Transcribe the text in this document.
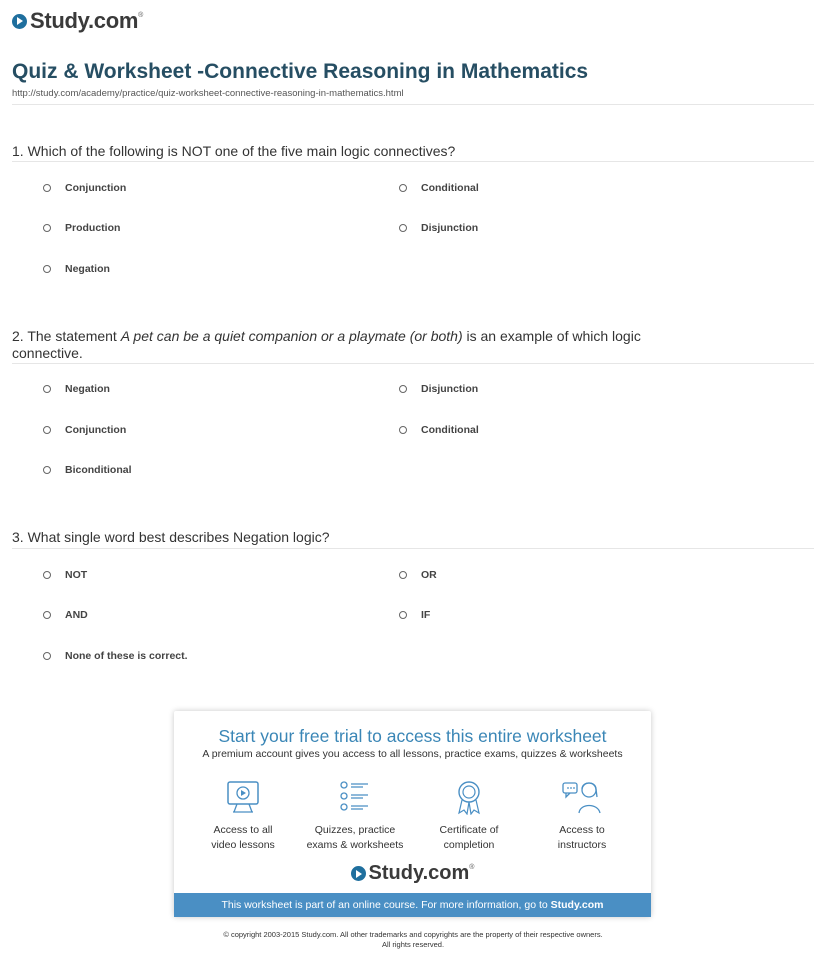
Study.com ®
Quiz & Worksheet -Connective Reasoning in Mathematics
http://study.com/academy/practice/quiz-worksheet-connective-reasoning-in-mathematics.html
1. Which of the following is NOT one of the five main logic connectives?
Conjunction	Conditional
Production	Disjunction
Negation
2. The statement A pet can be a quiet companion or a playmate (or both) is an example of which logic connective.
Negation	Disjunction
Conjunction	Conditional
Biconditional
3. What single word best describes Negation logic?
NOT	OR
AND	IF
None of these is correct.
Start your free trial to access this entire worksheet
A premium account gives you access to all lessons, practice exams, quizzes & worksheets
Access to all
video lessons
Quizzes, practice
exams & worksheets
Certificate of
completion
Access to
instructors
Study.com ®
This worksheet is part of an online course. For more information, go to Study.com
© copyright 2003-2015 Study.com. All other trademarks and copyrights are the property of their respective owners.
All rights reserved.
